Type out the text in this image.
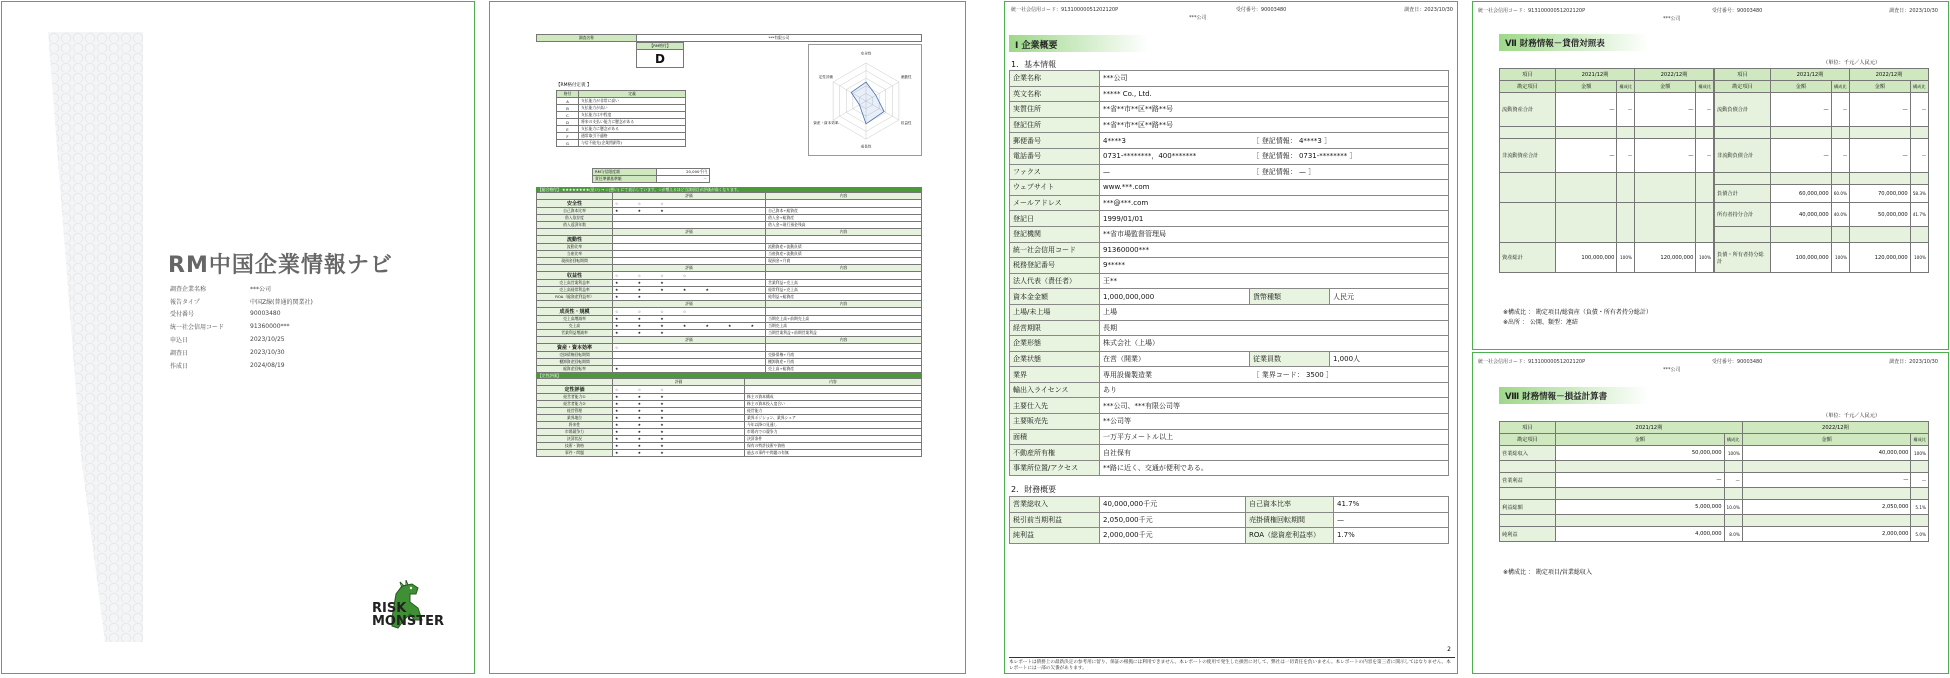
RM中国企業情報ナビ
調査企業名称	***公司
報告タイプ	中国Z線(普通的関業社)
受付番号	90003480
統一社会信用コード	91360000***
申込日	2023/10/25
調査日	2023/10/30
作成日	2024/08/19
RISK
MONSTER
調査名称	***有限公司
【RM格付】
D
【RM格付定義 】
格付	定義
A	支払能力が非常に高い
B	支払能力が高い
C	支払能力は中程度
D	将来の支払い能力に懸念がある
E	支払能力に懸念がある
F	通常取引不適格
G	与信不能先(企業閉鎖等)
RM与信限度額	20,000千円
責任準備基準額	－
安全性
流動性
収益性
成長性
資産・資本効率
定性評価
【総合格付】 ★★★★★★★★(星い) → ☆(悪い) にて表示しています。☆が増えるほど当該項目が評価が高くなります。
	評価	内容
安全性	☆ ☆ ☆	
自己資本比率	★ ★ ★	自己資本÷総資産
借入依存度		借入金÷総資産
借入返済年数		借入金÷現行預金残高
	評価	内容
流動性		
流動比率		流動資産÷流動負債
当座比率		当座資産÷流動負債
現預金回転期間		現預金÷月商
	評価	内容
収益性	☆ ☆ ☆ ☆	
売上高営業利益率	★ ★ ★	営業利益÷売上高
売上高経常利益率	★ ★ ★ ★ ★	経常利益÷売上高
ROA（総資産利益率）	★ ★	純利益÷総資産
	評価	内容
成長性・規模	☆ ☆ ☆ ☆	
売上高増減率	★ ★ ★	当期売上高÷前期売上高
売上高	★ ★ ★ ★ ★ ★ ★	当期売上高
営業利益増減率	★ ★ ★	当期営業利益÷前期営業利益
	評価	内容
資産・資本効率	☆	
売掛債権回転期間		売掛債権÷月商
棚卸資産回転期間		棚卸資産÷月商
総資産回転率	★	売上高÷総資産
【定性評価】
	評価	内容
定性評価	☆ ☆ ☆	
経営者能力①	★ ★ ★	株主の資本構成
経営者能力②	★ ★ ★	株主の資本投入度合い
経営管理	★ ★ ★	経営能力
業界地位	★ ★ ★	業界ポジション、業界シェア
将来性	★ ★ ★	今年以降の見通し
市場競争力	★ ★ ★	市場内での競争力
決済状況	★ ★ ★	決済条件
技術・資格	★ ★ ★	保有の特許技術や資格
事件・問題	★ ★ ★	過去の事件や問題の有無
統一社会信用コード：91310000051202120P	受付番号：90003480	調査日：2023/10/30
***公司
Ⅰ 企業概要
1．基本情報
企業名称	***公司		
英文名称	***** Co., Ltd.		
実質住所	**省**市**区**路**号		
登記住所	**省**市**区**路**号		
郵便番号	4****3	［ 登記情報： 4****3 ］	
電話番号	0731-********，400*******	［ 登記情報： 0731-******** ］	
ファクス	—	［ 登記情報： — ］	
ウェブサイト	www.***.com		
メールアドレス	***@***.com		
登記日	1999/01/01		
登記機関	**省市場監督管理局		
統一社会信用コード	91360000***		
税務登記番号	9*****		
法人代表（責任者）	王**		
資本金金額	1,000,000,000	貨幣種類	人民元
上場/未上場	上場		
経営期限	長期		
企業形態	株式会社（上場）		
企業状態	在営（開業）	従業員数	1,000人
業界	専用設備製造業	［ 業界コード： 3500 ］	
輸出入ライセンス	あり		
主要仕入先	***公司、***有限公司等		
主要販売先	**公司等		
面積	一万平方メートル以上		
不動産所有権	自社保有		
事業所位置/アクセス	**路に近く、交通が便利である。		
2．財務概要
営業総収入	40,000,000千元	自己資本比率	41.7%
税引前当期利益	2,050,000千元	売掛債権回転期間	—
純利益	2,000,000千元	ROA（総資産利益率）	1.7%
2
本レポートは債務上の最新決定の参考用に留り、保証の根拠には利用できません。本レポートの使用で発生した損害に対して、弊社は一切責任を負いません。本レポートの内容を第三者に開示してはなりません。本レポートには一部の欠番があります。
統一社会信用コード：91310000051202120P	受付番号：90003480	調査日：2023/10/30
***公司
Ⅶ 財務情報－貸借対照表
（単位：千元／人民元）
項目	2021/12期		2022/12期	
勘定項目	金額	構成比	金額	構成比
流動資産合計	—	—	—	—

非流動資産合計	—	—	—	—

資産総計	100,000,000	100%	120,000,000	100%
項目	2021/12期		2022/12期	
勘定項目	金額	構成比	金額	構成比
流動負債合計	—	—	—	—

非流動負債合計	—	—	—	—

負債合計	60,000,000	60.0%	70,000,000	58.3%
所有者持分合計	40,000,000	40.0%	50,000,000	41.7%

負債・所有者持分総計	100,000,000	100%	120,000,000	100%
※構成比 ： 勘定項目/総資産（負債・所有者持分総計）
※出所 ： 公開、類型：連結
統一社会信用コード：91310000051202120P	受付番号：90003480	調査日：2023/10/30
***公司
Ⅷ 財務情報－損益計算書
（単位：千元／人民元）
項目	2021/12期		2022/12期	
勘定項目	金額	構成比	金額	構成比
営業総収入	50,000,000	100%	40,000,000	100%

営業利益	—	—	—	—

利益総額	5,000,000	10.0%	2,050,000	5.1%

純利益	4,000,000	8.0%	2,000,000	5.0%
※構成比 ： 勘定項目/営業総収入
